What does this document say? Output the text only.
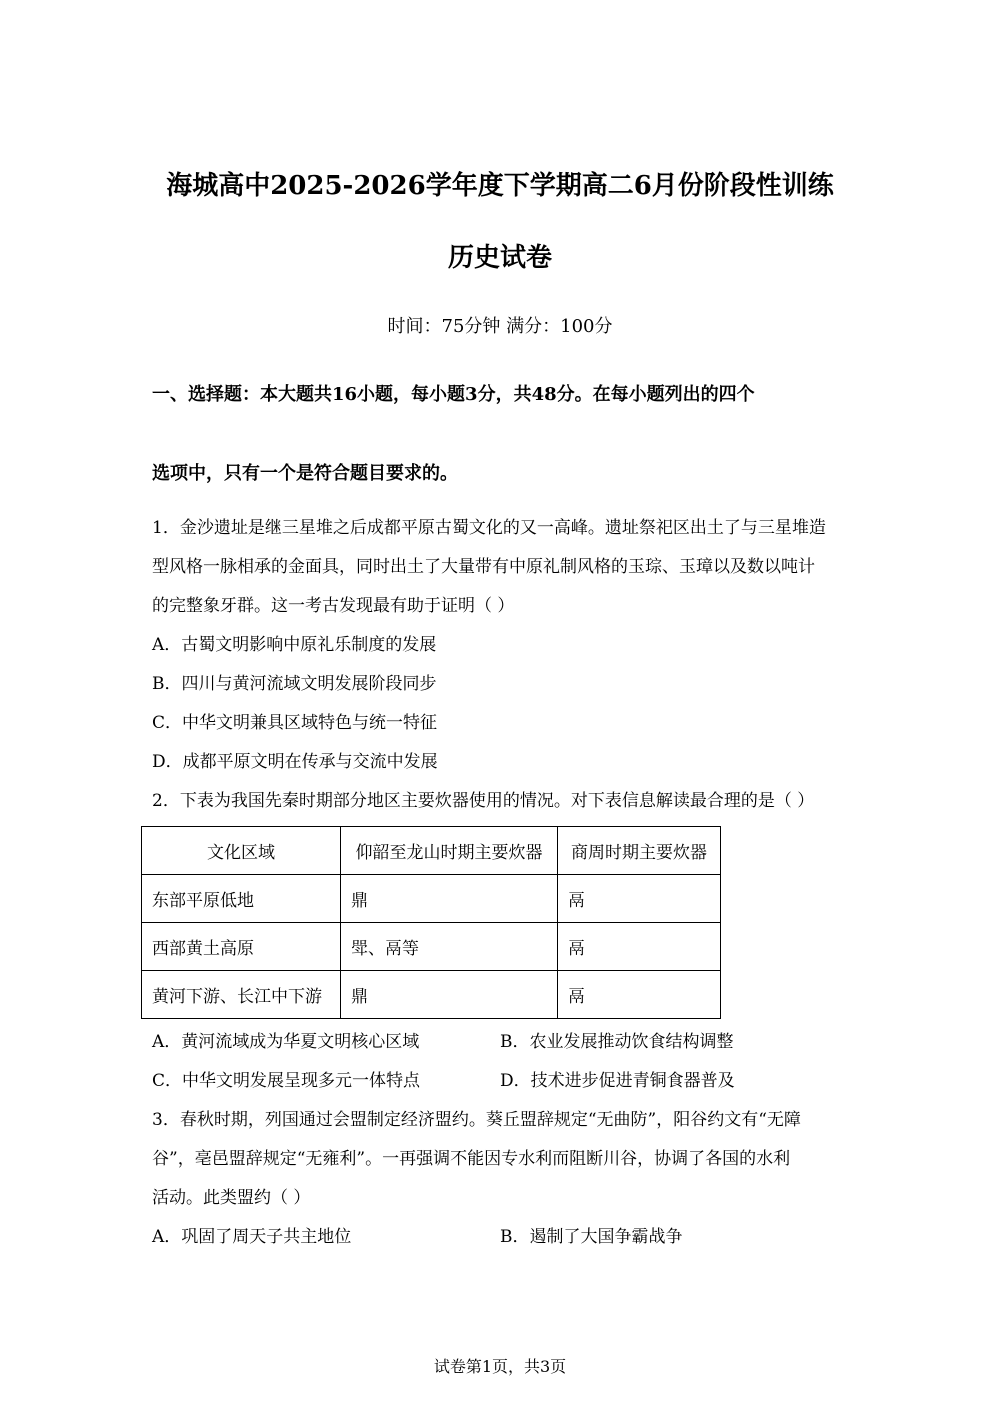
海城高中2025-2026学年度下学期高二6月份阶段性训练
历史试卷
时间：75分钟 满分：100分
一、选择题：本大题共16小题，每小题3分，共48分。在每小题列出的四个
选项中，只有一个是符合题目要求的。
1．金沙遗址是继三星堆之后成都平原古蜀文化的又一高峰。遗址祭祀区出土了与三星堆造
型风格一脉相承的金面具，同时出土了大量带有中原礼制风格的玉琮、玉璋以及数以吨计
的完整象牙群。这一考古发现最有助于证明（ ）
A．古蜀文明影响中原礼乐制度的发展
B．四川与黄河流域文明发展阶段同步
C．中华文明兼具区域特色与统一特征
D．成都平原文明在传承与交流中发展
2．下表为我国先秦时期部分地区主要炊器使用的情况。对下表信息解读最合理的是（ ）
文化区域	仰韶至龙山时期主要炊器	商周时期主要炊器
东部平原低地	鼎	鬲
西部黄土高原	斝、鬲等	鬲
黄河下游、长江中下游	鼎	鬲
A．黄河流域成为华夏文明核心区域	B．农业发展推动饮食结构调整
C．中华文明发展呈现多元一体特点	D．技术进步促进青铜食器普及
3．春秋时期，列国通过会盟制定经济盟约。葵丘盟辞规定“无曲防”，阳谷约文有“无障
谷”，亳邑盟辞规定“无雍利”。一再强调不能因专水利而阻断川谷，协调了各国的水利
活动。此类盟约（ ）
A．巩固了周天子共主地位	B．遏制了大国争霸战争
试卷第1页，共3页
